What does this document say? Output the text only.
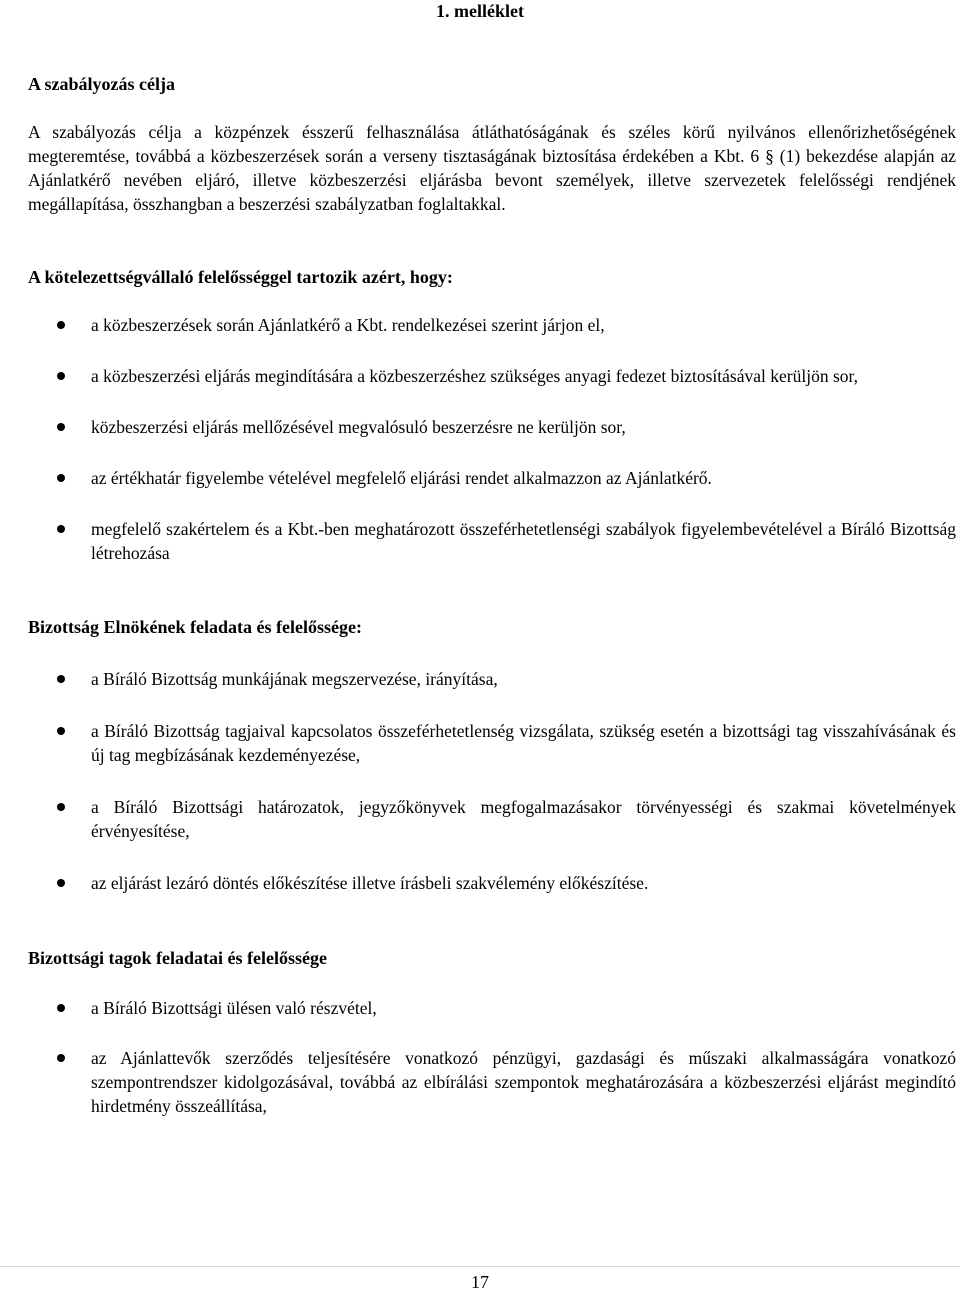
1. melléklet
A szabályozás célja

A szabályozás célja a közpénzek ésszerű felhasználása átláthatóságának és széles körű nyilvános ellenőrizhetőségének megteremtése, továbbá a közbeszerzések során a verseny tisztaságának biztosítása érdekében a Kbt. 6 § (1) bekezdése alapján az Ajánlatkérő nevében eljáró, illetve közbeszerzési eljárásba bevont személyek, illetve szervezetek felelősségi rendjének megállapítása, összhangban a beszerzési szabályzatban foglaltakkal.

A kötelezettségvállaló felelősséggel tartozik azért, hogy:
a közbeszerzések során Ajánlatkérő a Kbt. rendelkezései szerint járjon el,
a közbeszerzési eljárás megindítására a közbeszerzéshez szükséges anyagi fedezet biztosításával kerüljön sor,
közbeszerzési eljárás mellőzésével megvalósuló beszerzésre ne kerüljön sor,
az értékhatár figyelembe vételével megfelelő eljárási rendet alkalmazzon az Ajánlatkérő.
megfelelő szakértelem és a Kbt.-ben meghatározott összeférhetetlenségi szabályok figyelembevételével a Bíráló Bizottság létrehozása
Bizottság Elnökének feladata és felelőssége:
a Bíráló Bizottság munkájának megszervezése, irányítása,
a Bíráló Bizottság tagjaival kapcsolatos összeférhetetlenség vizsgálata, szükség esetén a bizottsági tag visszahívásának és új tag megbízásának kezdeményezése,
a Bíráló Bizottsági határozatok, jegyzőkönyvek megfogalmazásakor törvényességi és szakmai követelmények érvényesítése,
az eljárást lezáró döntés előkészítése illetve írásbeli szakvélemény előkészítése.
Bizottsági tagok feladatai és felelőssége
a Bíráló Bizottsági ülésen való részvétel,
az Ajánlattevők szerződés teljesítésére vonatkozó pénzügyi, gazdasági és műszaki alkalmasságára vonatkozó szempontrendszer kidolgozásával, továbbá az elbírálási szempontok meghatározására a közbeszerzési eljárást megindító hirdetmény összeállítása,
17
